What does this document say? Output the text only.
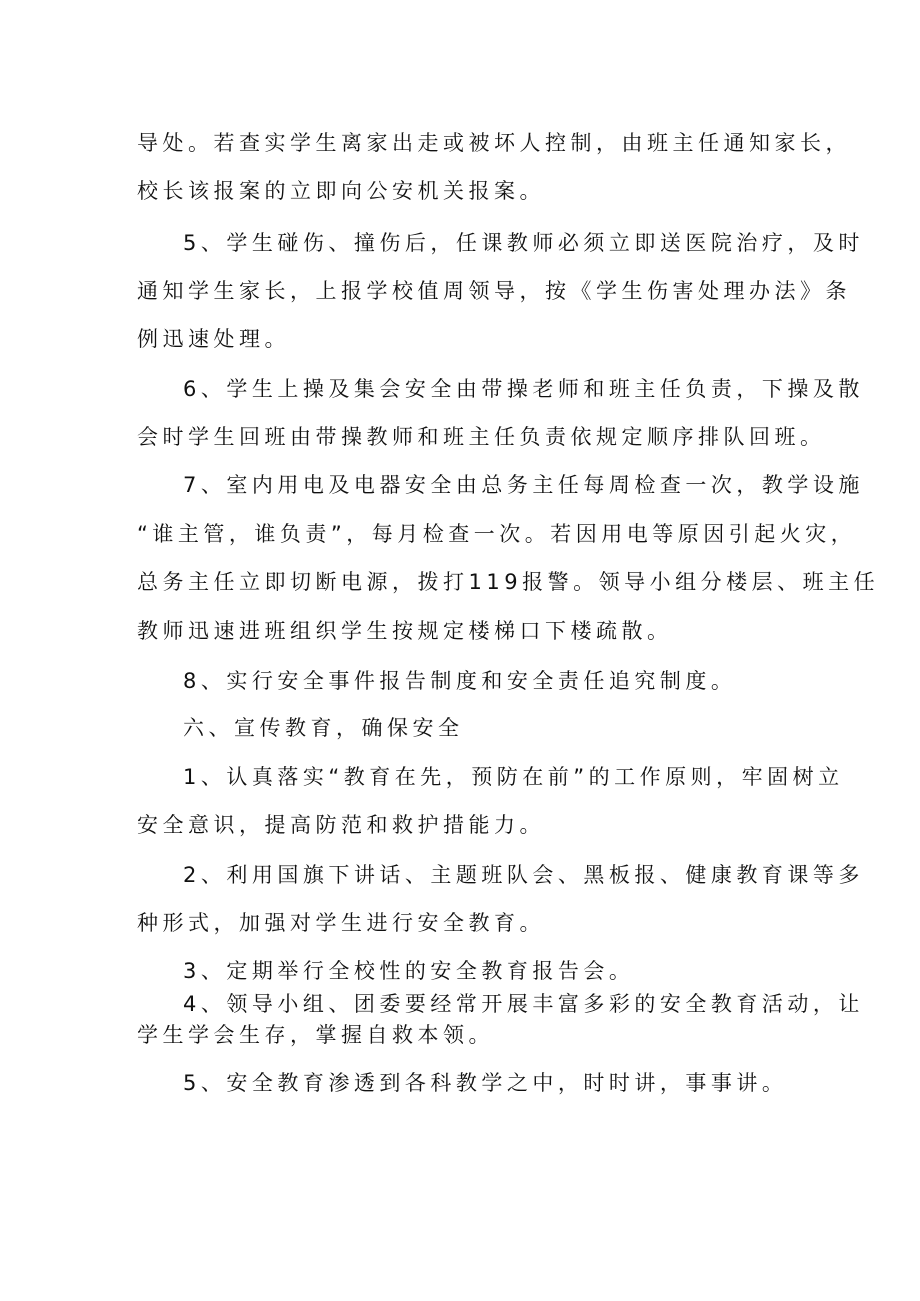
导处。若查实学生离家出走或被坏人控制，由班主任通知家长，
校长该报案的立即向公安机关报案。
5、学生碰伤、撞伤后，任课教师必须立即送医院治疗，及时
通知学生家长，上报学校值周领导，按《学生伤害处理办法》条
例迅速处理。
6、学生上操及集会安全由带操老师和班主任负责，下操及散
会时学生回班由带操教师和班主任负责依规定顺序排队回班。
7、室内用电及电器安全由总务主任每周检查一次，教学设施
“谁主管，谁负责”，每月检查一次。若因用电等原因引起火灾，
总务主任立即切断电源，拨打119报警。领导小组分楼层、班主任
教师迅速进班组织学生按规定楼梯口下楼疏散。
8、实行安全事件报告制度和安全责任追究制度。
六、宣传教育，确保安全
1、认真落实“教育在先，预防在前”的工作原则，牢固树立
安全意识，提高防范和救护措能力。
2、利用国旗下讲话、主题班队会、黑板报、健康教育课等多
种形式，加强对学生进行安全教育。
3、定期举行全校性的安全教育报告会。
4、领导小组、团委要经常开展丰富多彩的安全教育活动，让
学生学会生存，掌握自救本领。
5、安全教育渗透到各科教学之中，时时讲，事事讲。
